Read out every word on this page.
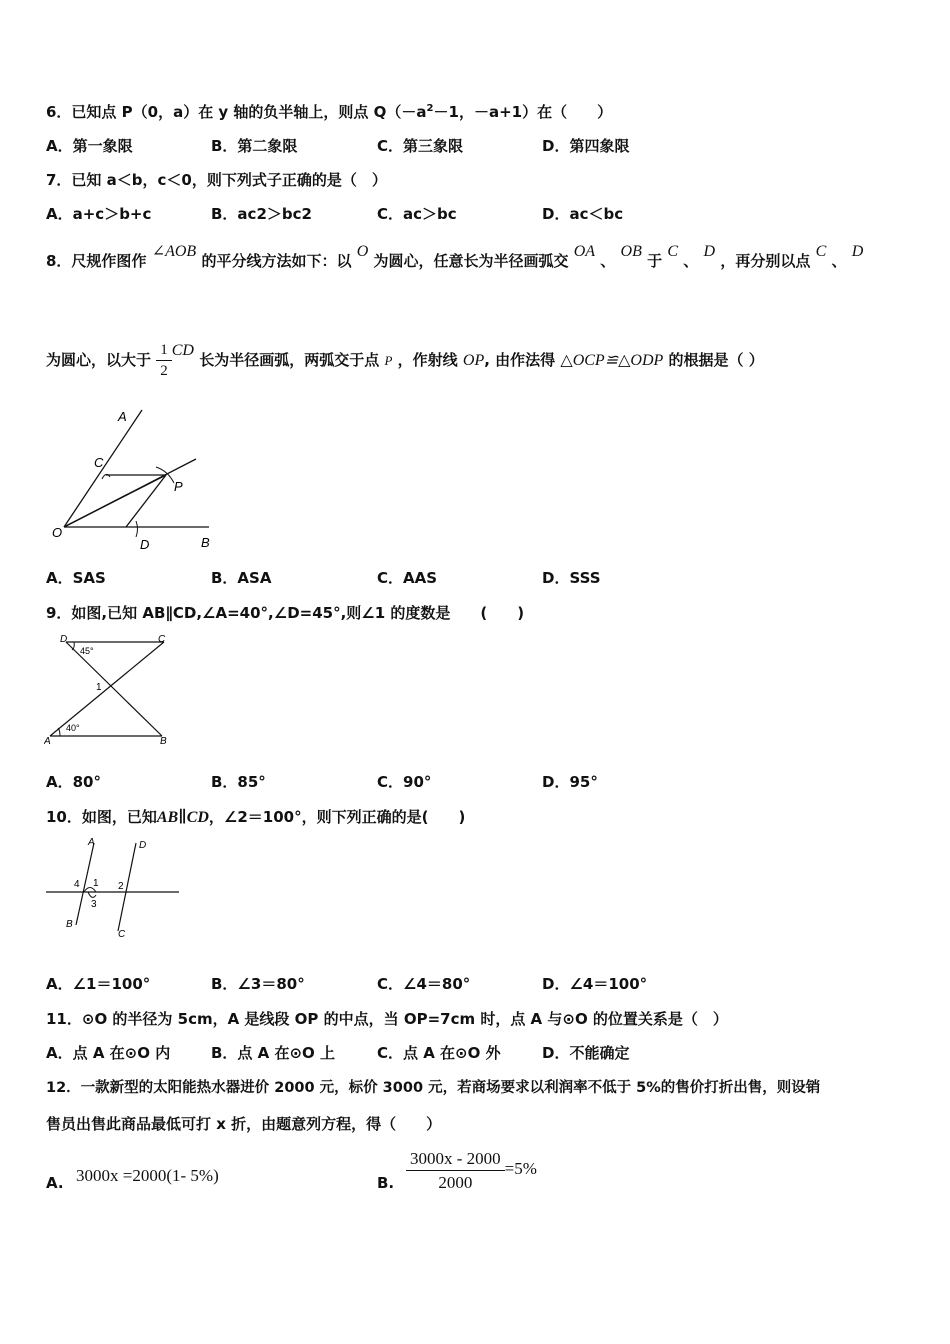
6．已知点 P（0，a）在 y 轴的负半轴上，则点 $Q(-a^2-1$，－a+1）在（　　）
A．第一象限	B．第二象限	C．第三象限	D．第四象限
7．已知 a＜b，c＜0，则下列式子正确的是（　）
A．a+c＞b+c	B．ac2＞bc2	C．ac＞bc	D．ac＜bc
8．尺规作图作 ∠AOB 的平分线方法如下：以 O 为圆心，任意长为半径画弧交 OA 、 OB 于 C 、 D ，再分别以点 C 、 D
为圆心，以大于 $\frac{1}{2}$ CD 长为半径画弧，两弧交于点 P ，作射线 OP, 由作法得 △OCP≌△ODP 的根据是（ ）
A
C
P
O
D	B
A．SAS	B．ASA	C．AAS	D．SSS
9．如图,已知 AB∥CD,∠A=40°,∠D=45°,则∠1 的度数是　　(　　)
D	C
45°
1
A
40°
B
A．80°	B．85°	C．90°	D．95°
10．如图，已知AB∥CD，∠2＝100°，则下列正确的是(　　)
A	D
4 1 2
3
B
C
A．∠1＝100°	B．∠3＝80°	C．∠4＝80°	D．∠4＝100°
11．⊙O 的半径为 5cm，A 是线段 OP 的中点，当 OP=7cm 时，点 A 与⊙O 的位置关系是（　）
A．点 A 在⊙O 内	B．点 A 在⊙O 上	C．点 A 在⊙O 外	D．不能确定
12．一款新型的太阳能热水器进价 2000 元，标价 3000 元，若商场要求以利润率不低于 5%的售价打折出售，则设销
售员出售此商品最低可打 x 折，由题意列方程，得（　　）
A. 3000x =2000(1- 5%)	B. $\frac{3000x - 2000}{2000} =5\%$
